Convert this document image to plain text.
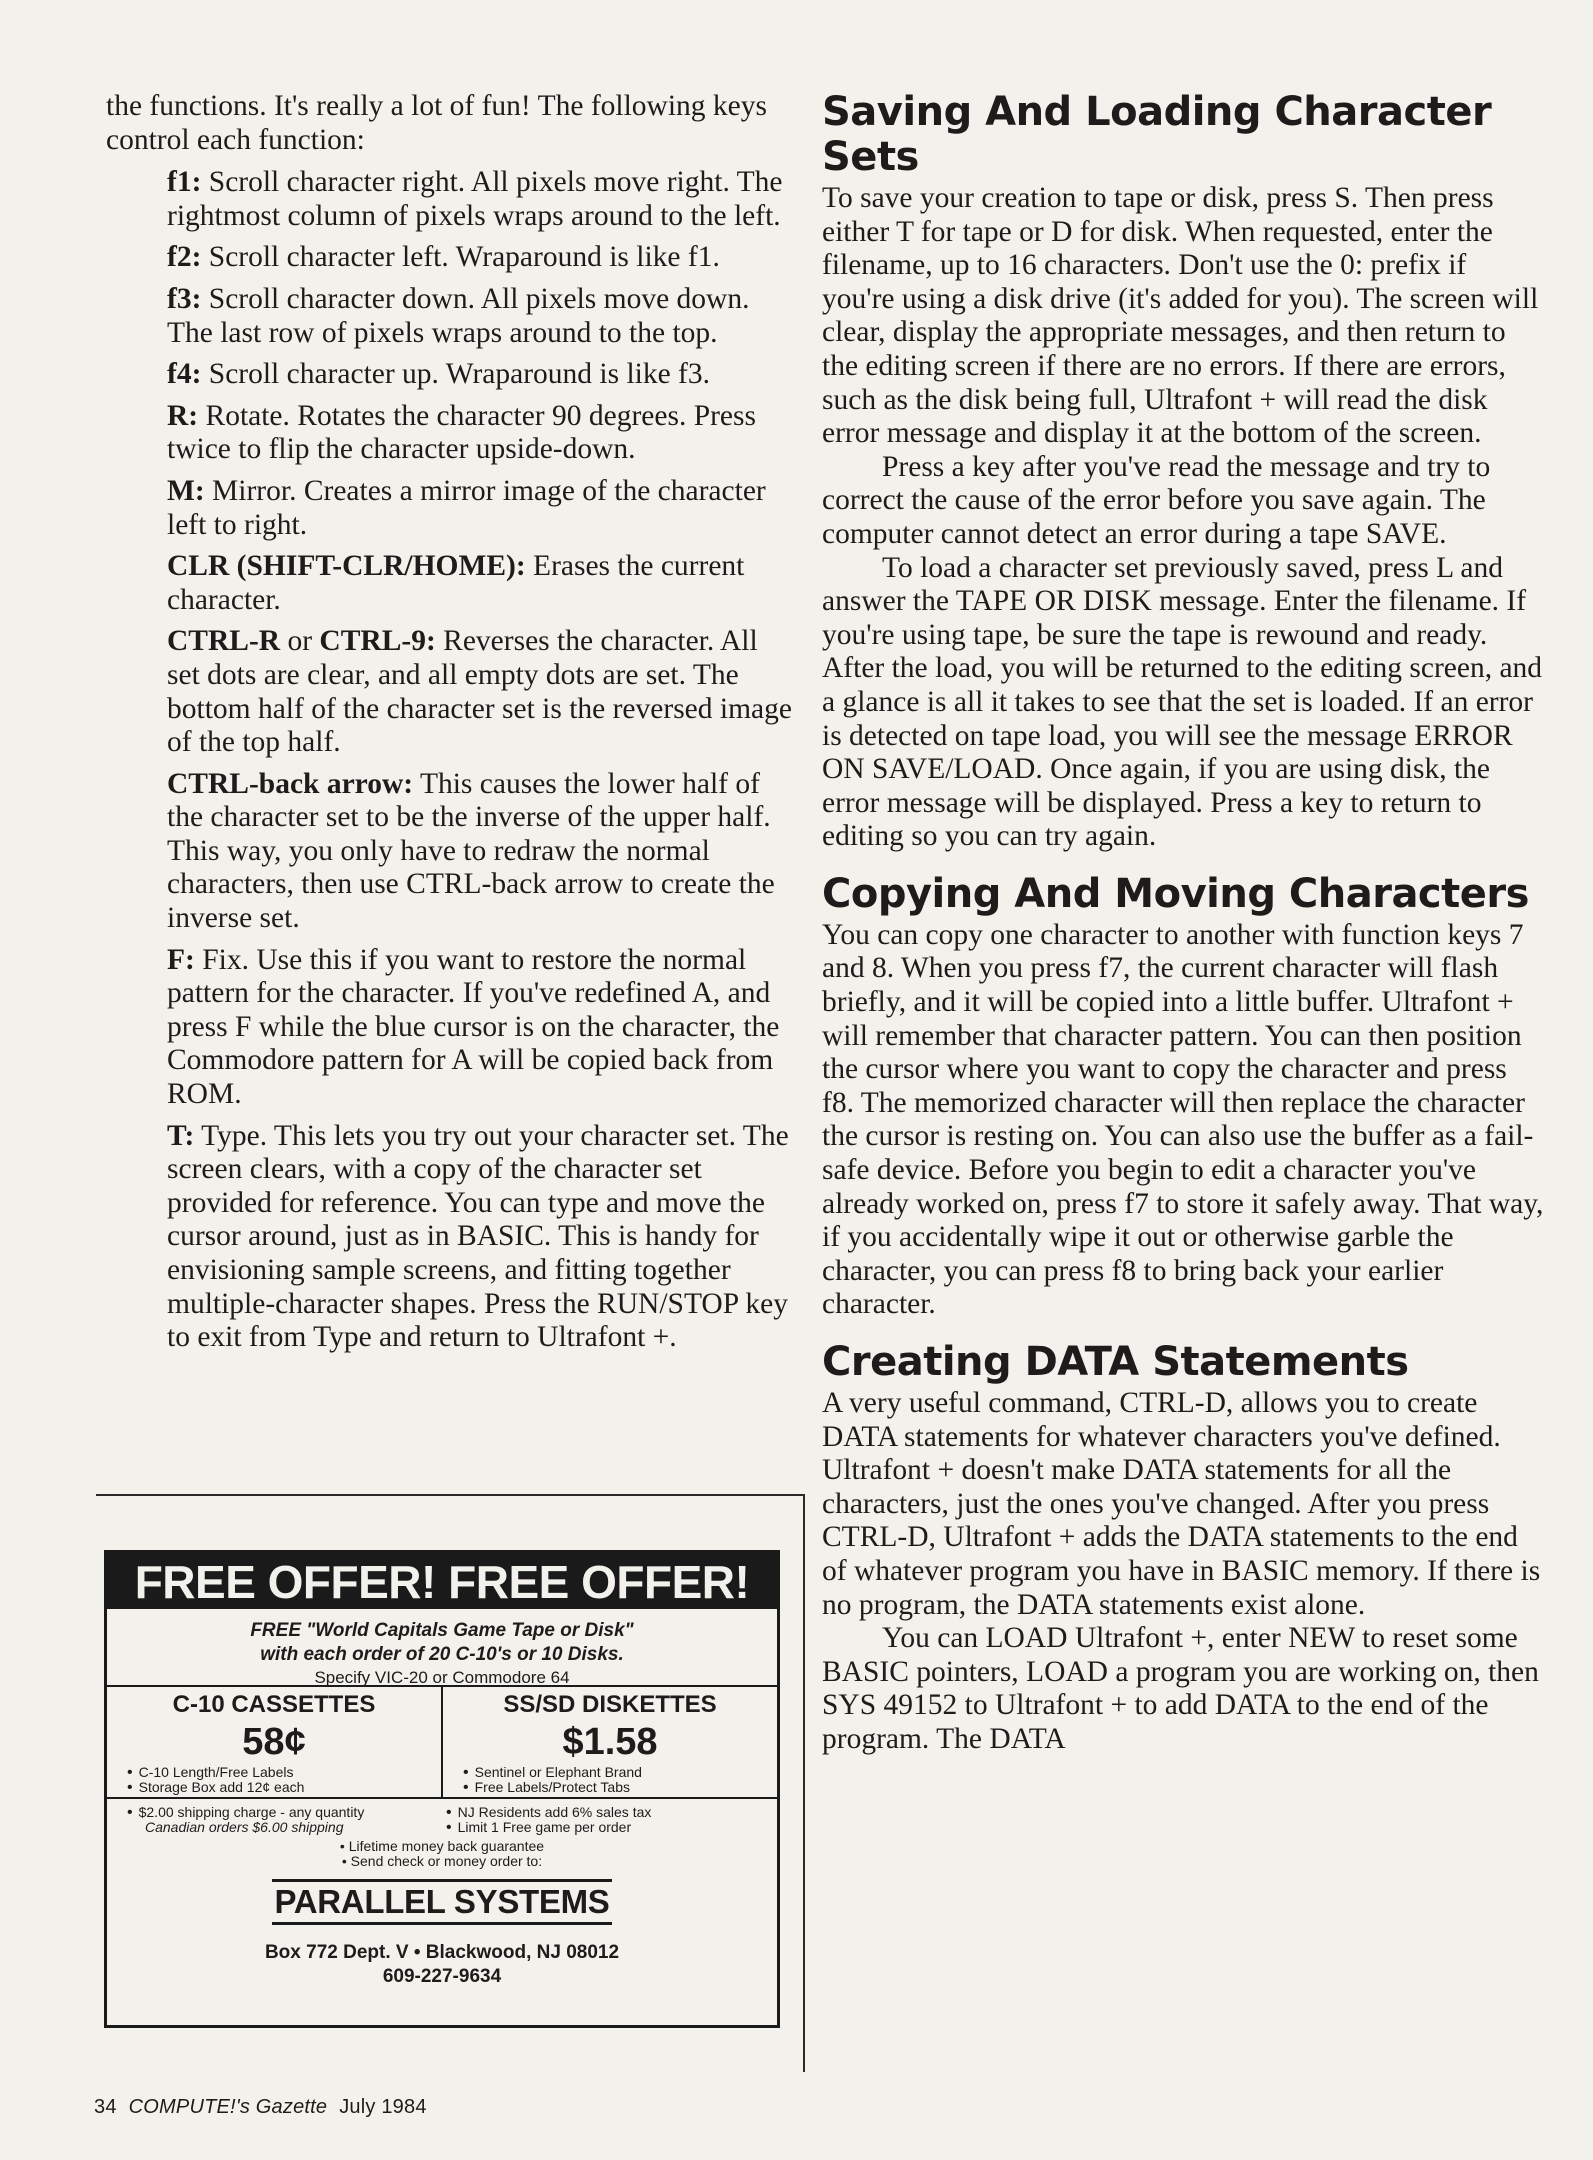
the functions. It's really a lot of fun! The following keys control each function:

f1: Scroll character right. All pixels move right. The rightmost column of pixels wraps around to the left.

f2: Scroll character left. Wraparound is like f1.

f3: Scroll character down. All pixels move down. The last row of pixels wraps around to the top.

f4: Scroll character up. Wraparound is like f3.

R: Rotate. Rotates the character 90 degrees. Press twice to flip the character upside-down.

M: Mirror. Creates a mirror image of the character left to right.

CLR (SHIFT-CLR/HOME): Erases the current character.

CTRL-R or CTRL-9: Reverses the character. All set dots are clear, and all empty dots are set. The bottom half of the character set is the reversed image of the top half.

CTRL-back arrow: This causes the lower half of the character set to be the inverse of the upper half. This way, you only have to redraw the normal characters, then use CTRL-back arrow to create the inverse set.

F: Fix. Use this if you want to restore the normal pattern for the character. If you've redefined A, and press F while the blue cursor is on the character, the Commodore pattern for A will be copied back from ROM.

T: Type. This lets you try out your character set. The screen clears, with a copy of the character set provided for reference. You can type and move the cursor around, just as in BASIC. This is handy for envisioning sample screens, and fitting together multiple-character shapes. Press the RUN/STOP key to exit from Type and return to Ultrafont +.

Saving And Loading Character Sets

To save your creation to tape or disk, press S. Then press either T for tape or D for disk. When requested, enter the filename, up to 16 characters. Don't use the 0: prefix if you're using a disk drive (it's added for you). The screen will clear, display the appropriate messages, and then return to the editing screen if there are no errors. If there are errors, such as the disk being full, Ultrafont + will read the disk error message and display it at the bottom of the screen.

Press a key after you've read the message and try to correct the cause of the error before you save again. The computer cannot detect an error during a tape SAVE.

To load a character set previously saved, press L and answer the TAPE OR DISK message. Enter the filename. If you're using tape, be sure the tape is rewound and ready. After the load, you will be returned to the editing screen, and a glance is all it takes to see that the set is loaded. If an error is detected on tape load, you will see the message ERROR ON SAVE/LOAD. Once again, if you are using disk, the error message will be displayed. Press a key to return to editing so you can try again.

Copying And Moving Characters

You can copy one character to another with function keys 7 and 8. When you press f7, the current character will flash briefly, and it will be copied into a little buffer. Ultrafont + will remember that character pattern. You can then position the cursor where you want to copy the character and press f8. The memorized character will then replace the character the cursor is resting on. You can also use the buffer as a fail-safe device. Before you begin to edit a character you've already worked on, press f7 to store it safely away. That way, if you accidentally wipe it out or otherwise garble the character, you can press f8 to bring back your earlier character.

Creating DATA Statements

A very useful command, CTRL-D, allows you to create DATA statements for whatever characters you've defined. Ultrafont + doesn't make DATA statements for all the characters, just the ones you've changed. After you press CTRL-D, Ultrafont + adds the DATA statements to the end of whatever program you have in BASIC memory. If there is no program, the DATA statements exist alone.

You can LOAD Ultrafont +, enter NEW to reset some BASIC pointers, LOAD a program you are working on, then SYS 49152 to Ultrafont + to add DATA to the end of the program. The DATA

FREE OFFER! FREE OFFER!
FREE "World Capitals Game Tape or Disk"
with each order of 20 C-10's or 10 Disks.
Specify VIC-20 or Commodore 64
C-10 CASSETTES
58¢
• C-10 Length/Free Labels
• Storage Box add 12¢ each
SS/SD DISKETTES
$1.58
• Sentinel or Elephant Brand
• Free Labels/Protect Tabs
• $2.00 shipping charge - any quantity
Canadian orders $6.00 shipping
• NJ Residents add 6% sales tax
• Limit 1 Free game per order
• Lifetime money back guarantee
• Send check or money order to:
PARALLEL SYSTEMS
Box 772 Dept. V • Blackwood, NJ 08012
609-227-9634
34 COMPUTE!'s Gazette July 1984
